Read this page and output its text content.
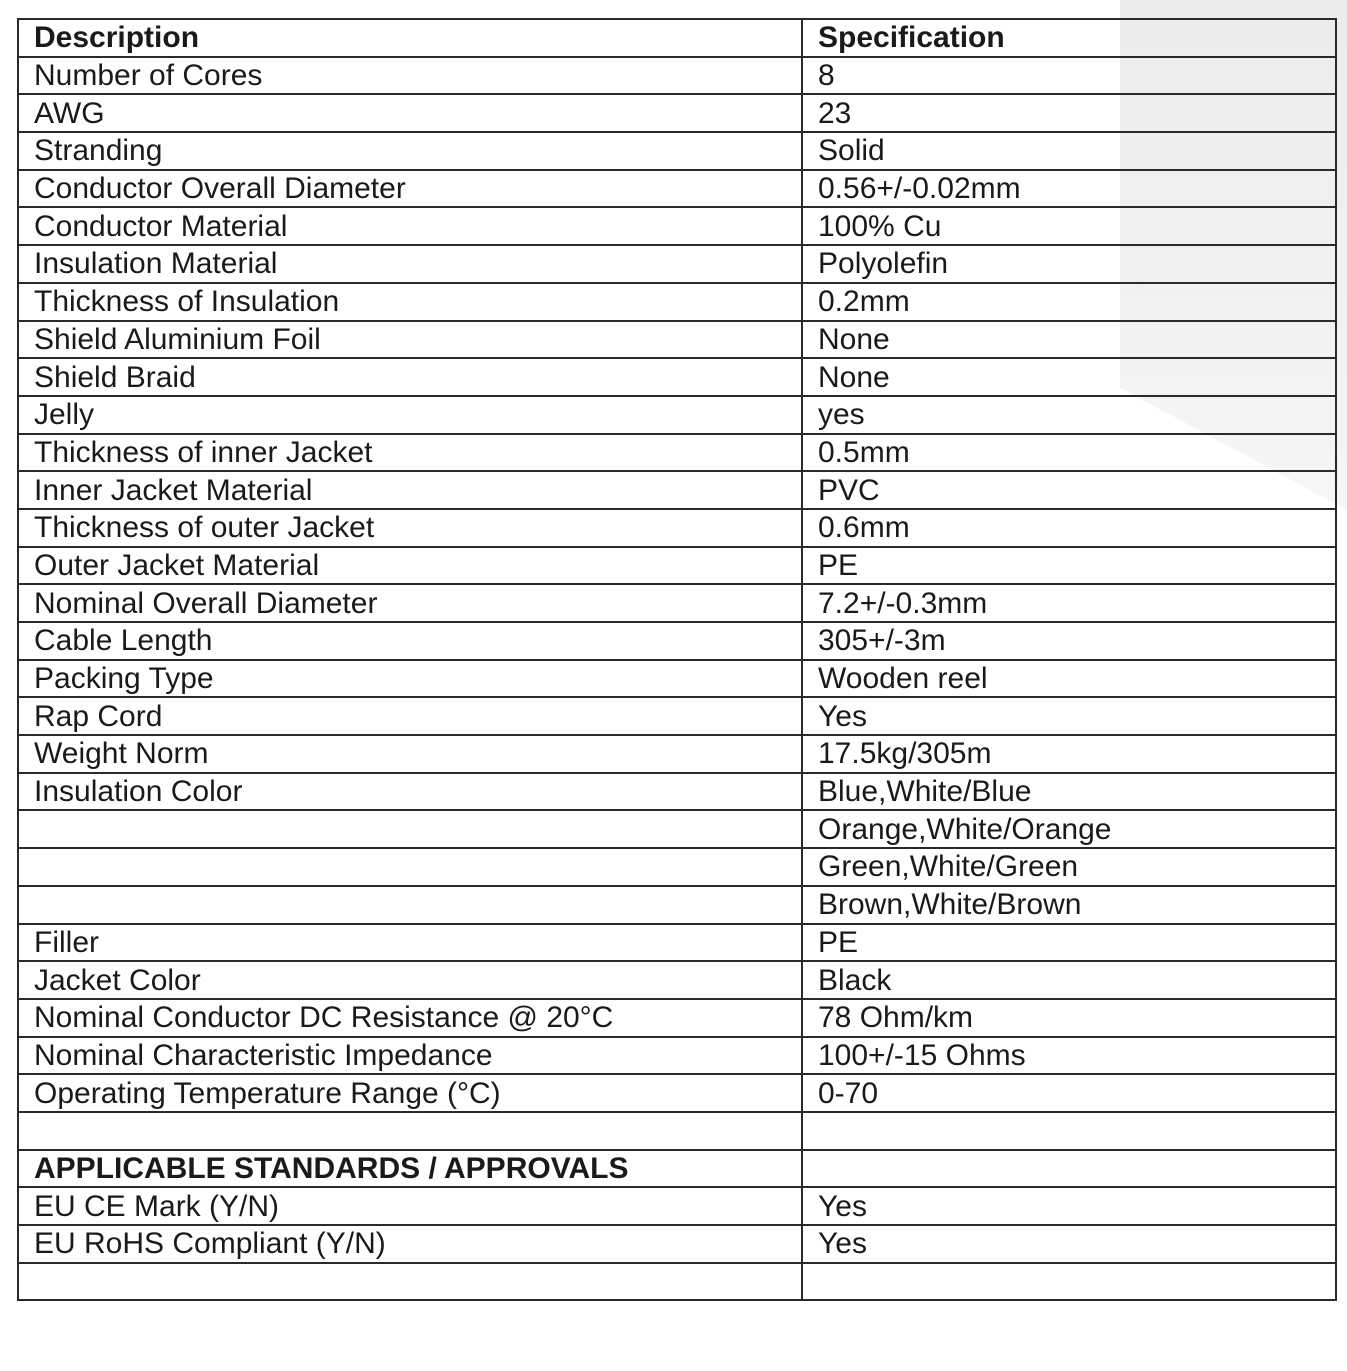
Description	Specification
Number of Cores	8
AWG	23
Stranding	Solid
Conductor Overall Diameter	0.56+/-0.02mm
Conductor Material	100% Cu
Insulation Material	Polyolefin
Thickness of Insulation	0.2mm
Shield Aluminium Foil	None
Shield Braid	None
Jelly	yes
Thickness of inner Jacket	0.5mm
Inner Jacket Material	PVC
Thickness of outer Jacket	0.6mm
Outer Jacket Material	PE
Nominal Overall Diameter	7.2+/-0.3mm
Cable Length	305+/-3m
Packing Type	Wooden reel
Rap Cord	Yes
Weight Norm	17.5kg/305m
Insulation Color	Blue,White/Blue
	Orange,White/Orange
	Green,White/Green
	Brown,White/Brown
Filler	PE
Jacket Color	Black
Nominal Conductor DC Resistance @ 20°C	78 Ohm/km
Nominal Characteristic Impedance	100+/-15 Ohms
Operating Temperature Range (°C)	0-70

APPLICABLE STANDARDS / APPROVALS	
EU CE Mark (Y/N)	Yes
EU RoHS Compliant (Y/N)	Yes
